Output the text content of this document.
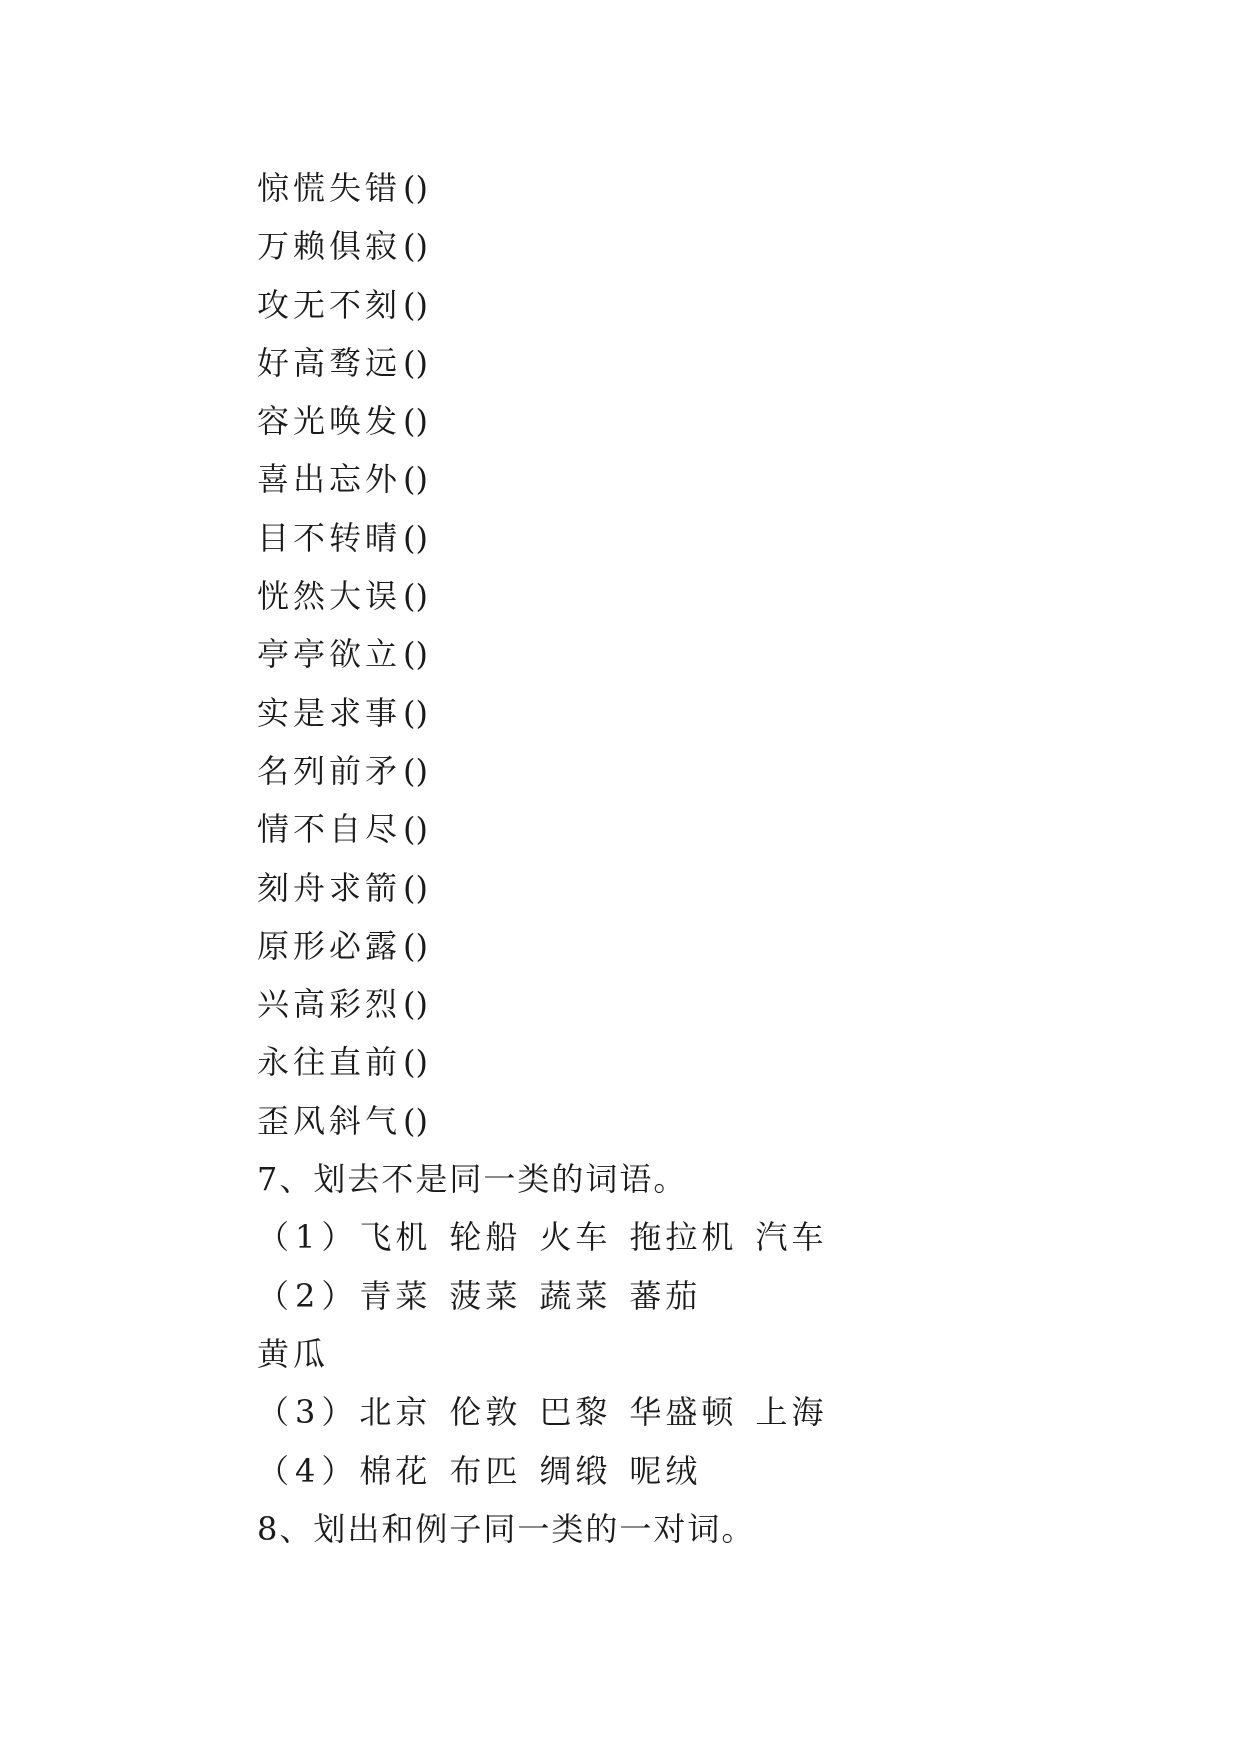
惊慌失错()
万赖俱寂()
攻无不刻()
好高骛远()
容光唤发()
喜出忘外()
目不转晴()
恍然大误()
亭亭欲立()
实是求事()
名列前矛()
情不自尽()
刻舟求箭()
原形必露()
兴高彩烈()
永往直前()
歪风斜气()
7、划去不是同一类的词语。
（1）飞机 轮船 火车 拖拉机 汽车
（2）青菜 菠菜 蔬菜 蕃茄
黄瓜
（3）北京 伦敦 巴黎 华盛顿 上海
（4）棉花 布匹 绸缎 呢绒
8、划出和例子同一类的一对词。
